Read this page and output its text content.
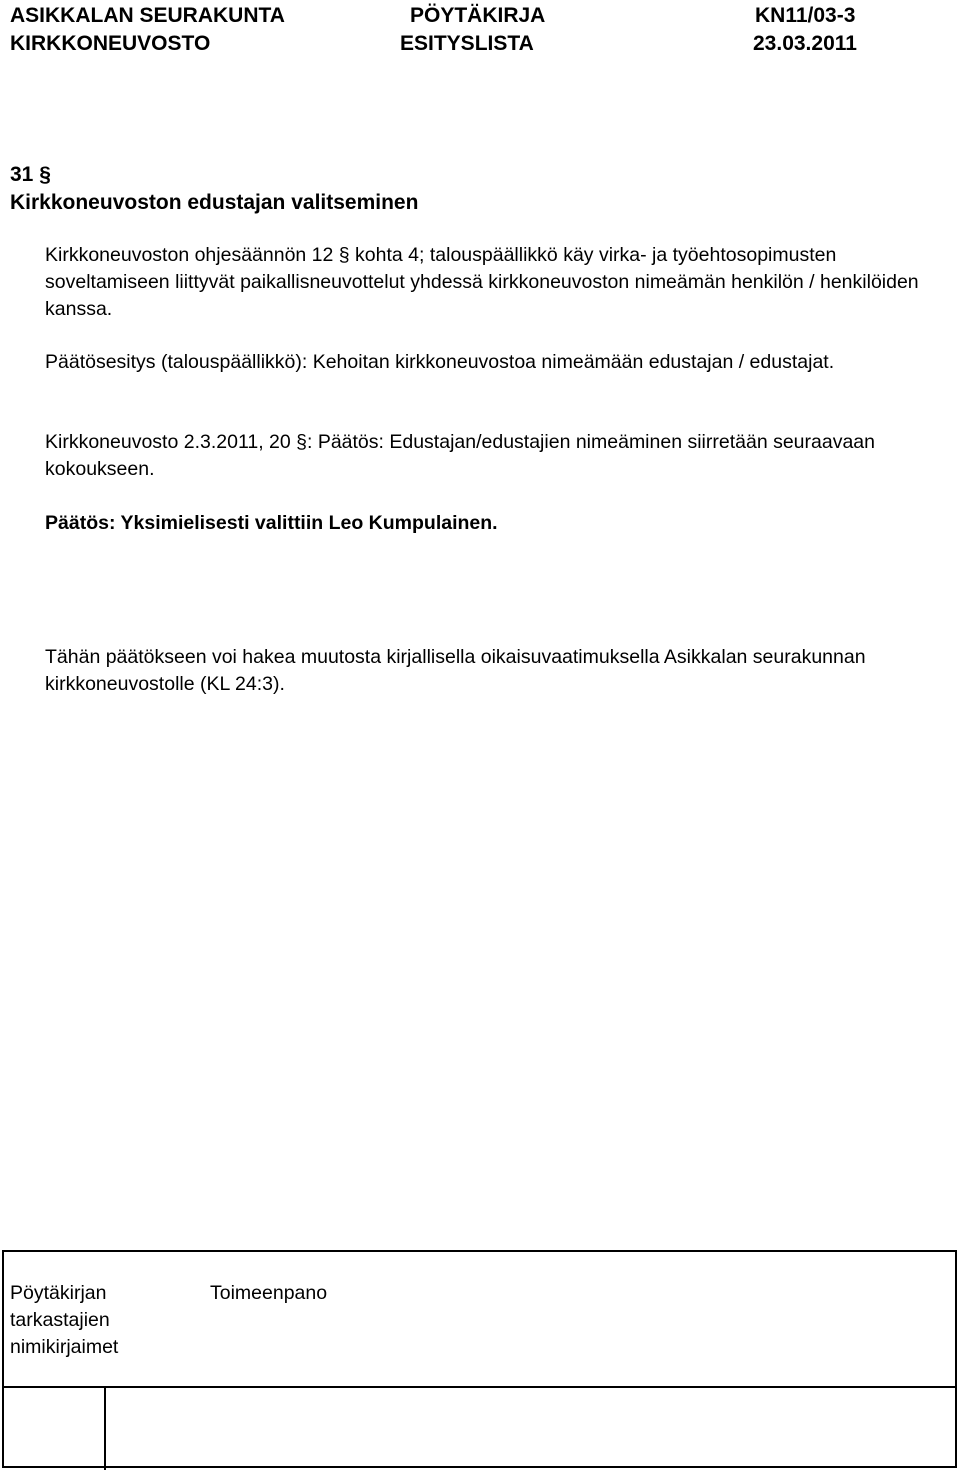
ASIKKALAN SEURAKUNTA
KIRKKONEUVOSTO
PÖYTÄKIRJA
ESITYSLISTA
KN11/03-3
23.03.2011
31 §
Kirkkoneuvoston edustajan valitseminen

Kirkkoneuvoston ohjesäännön 12 § kohta 4; talouspäällikkö käy virka- ja työehtosopimusten soveltamiseen liittyvät paikallisneuvottelut yhdessä kirkkoneuvoston nimeämän henkilön / henkilöiden kanssa.

Päätösesitys (talouspäällikkö): Kehoitan kirkkoneuvostoa nimeämään edustajan / edustajat.

Kirkkoneuvosto 2.3.2011, 20 §: Päätös: Edustajan/edustajien nimeäminen siirretään seuraavaan kokoukseen.

Päätös: Yksimielisesti valittiin Leo Kumpulainen.

Tähän päätökseen voi hakea muutosta kirjallisella oikaisuvaatimuksella Asikkalan seurakunnan kirkkoneuvostolle (KL 24:3).

Pöytäkirjan
tarkastajien
nimikirjaimet
Toimeenpano
